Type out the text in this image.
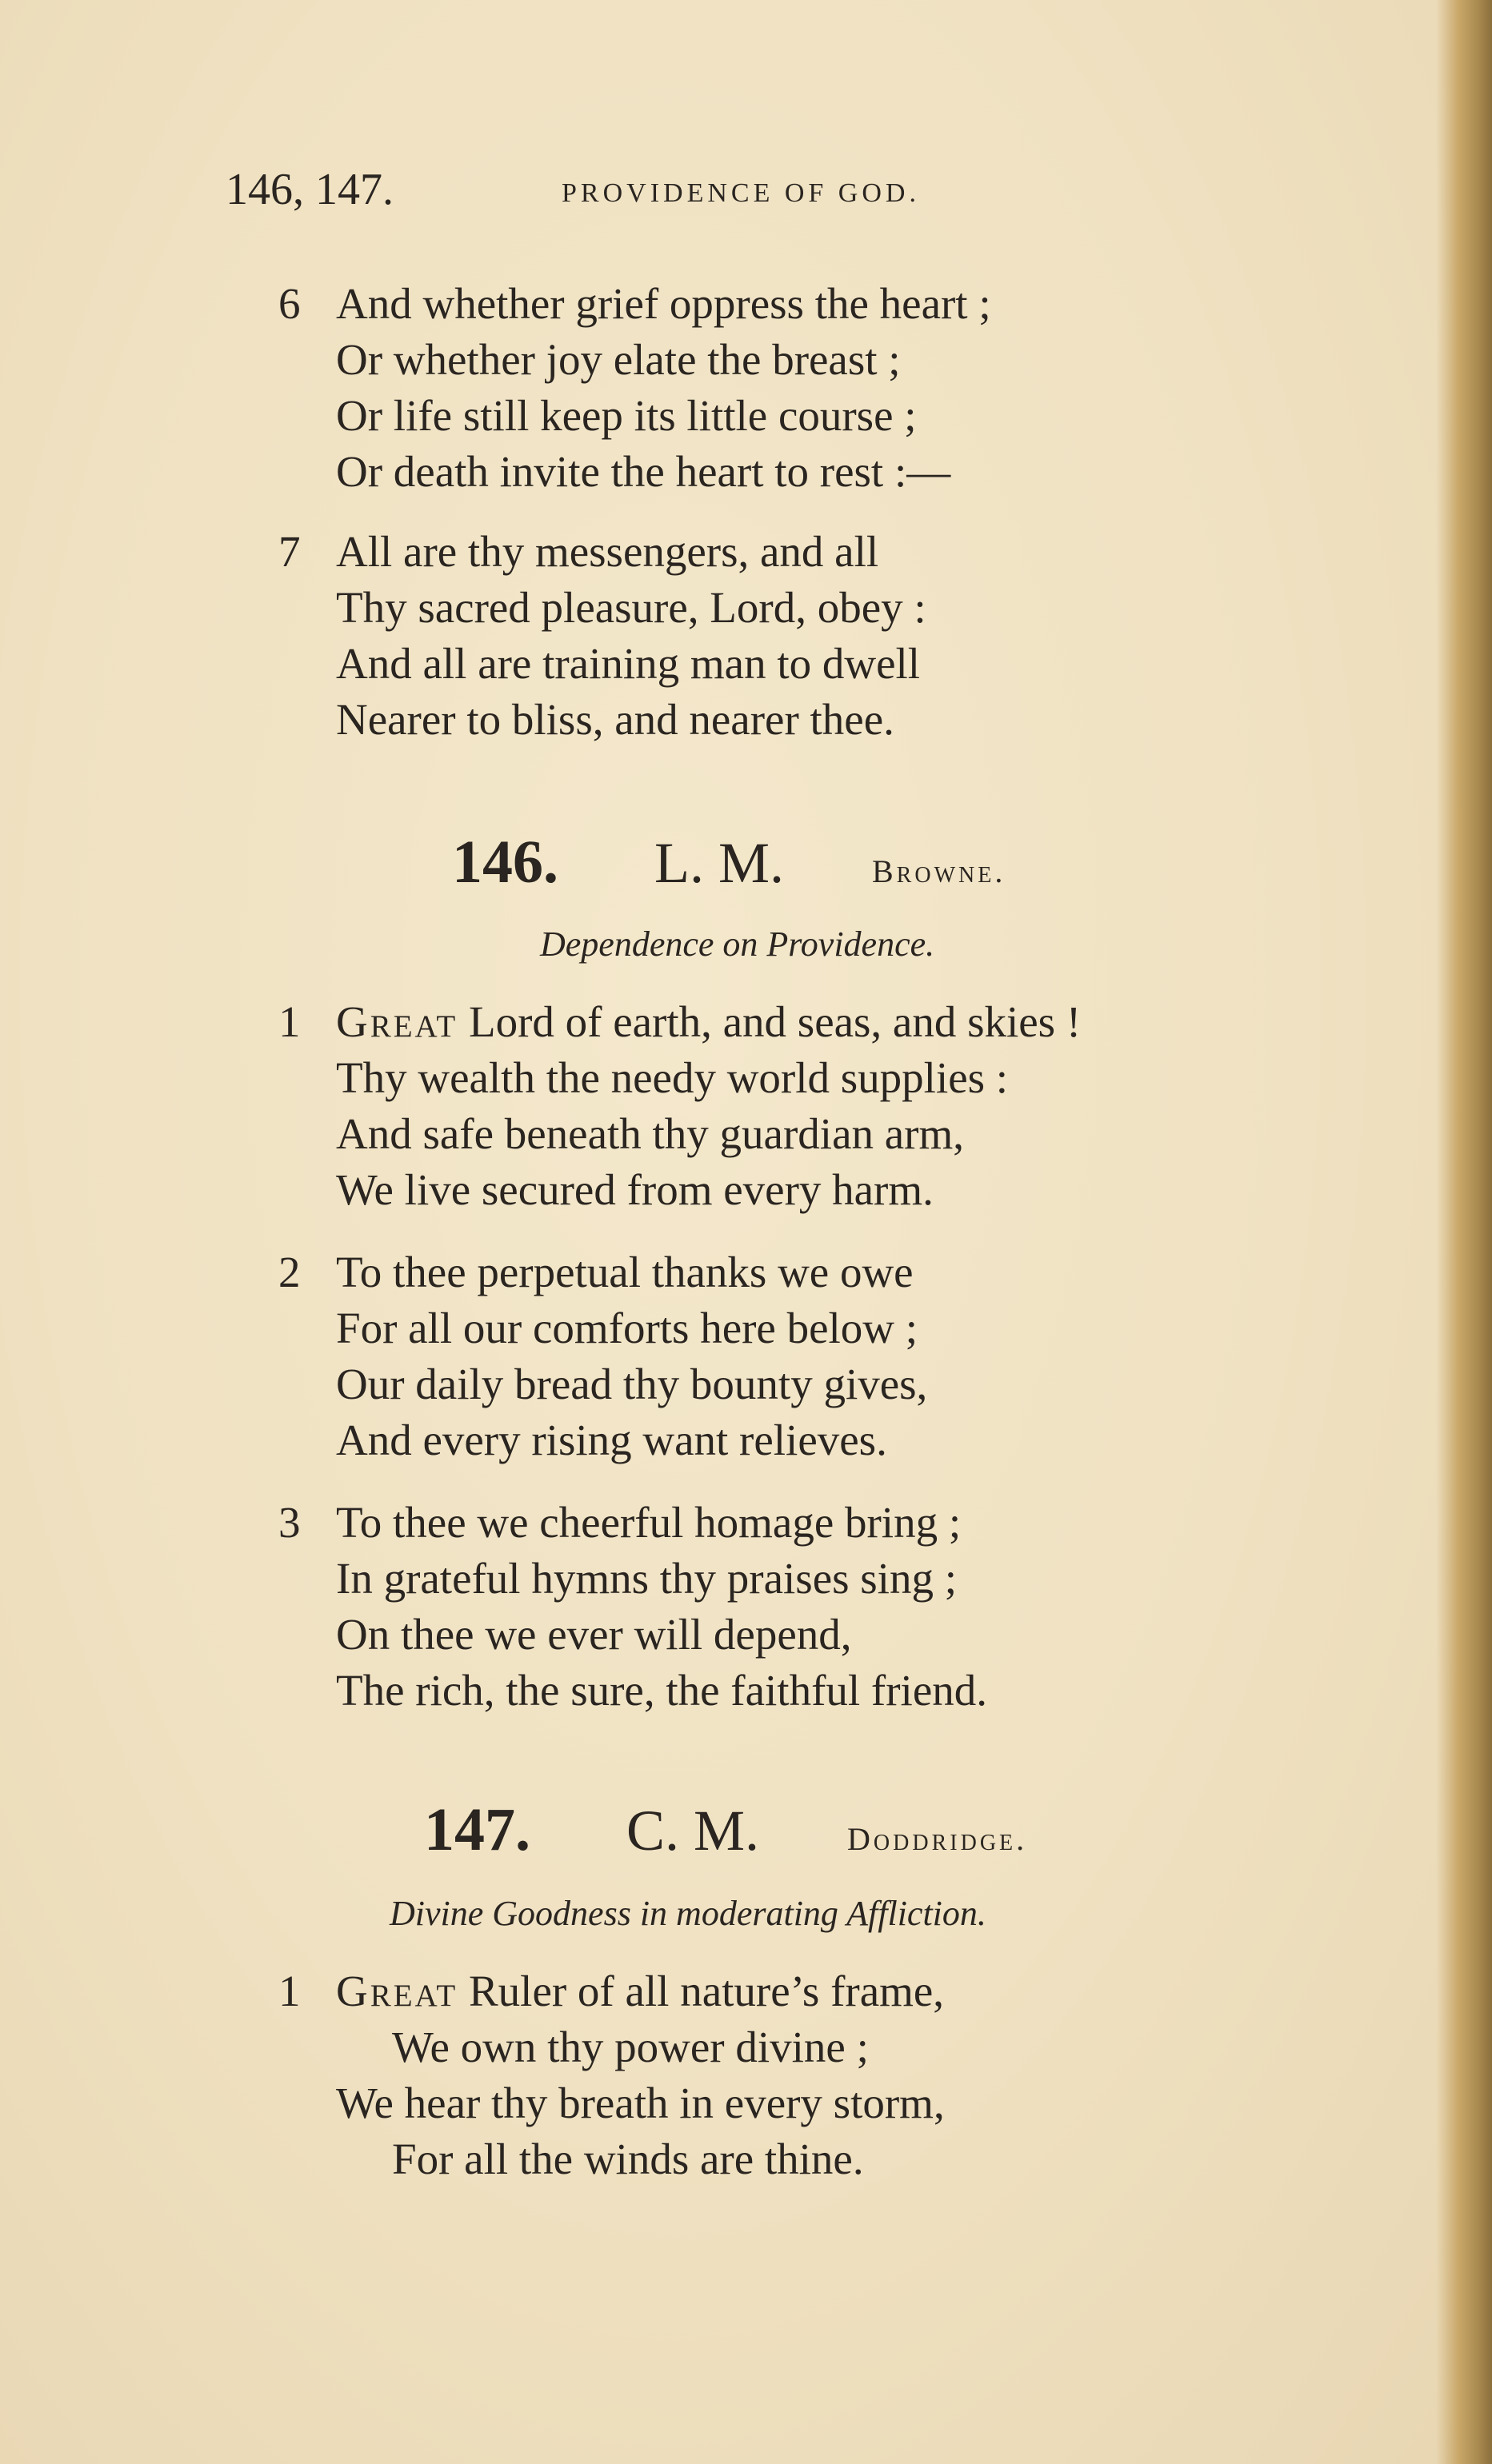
146, 147.	PROVIDENCE OF GOD.
6 And whether grief oppress the heart ;
Or whether joy elate the breast ;
Or life still keep its little course ;
Or death invite the heart to rest :—
7 All are thy messengers, and all
Thy sacred pleasure, Lord, obey :
And all are training man to dwell
Nearer to bliss, and nearer thee.
146. L. M.	Browne.
Dependence on Providence.
1 Great Lord of earth, and seas, and skies !
Thy wealth the needy world supplies :
And safe beneath thy guardian arm,
We live secured from every harm.
2 To thee perpetual thanks we owe
For all our comforts here below ;
Our daily bread thy bounty gives,
And every rising want relieves.
3 To thee we cheerful homage bring ;
In grateful hymns thy praises sing ;
On thee we ever will depend,
The rich, the sure, the faithful friend.
147. C. M.	Doddridge.
Divine Goodness in moderating Affliction.
1 Great Ruler of all nature’s frame,
We own thy power divine ;
We hear thy breath in every storm,
For all the winds are thine.
